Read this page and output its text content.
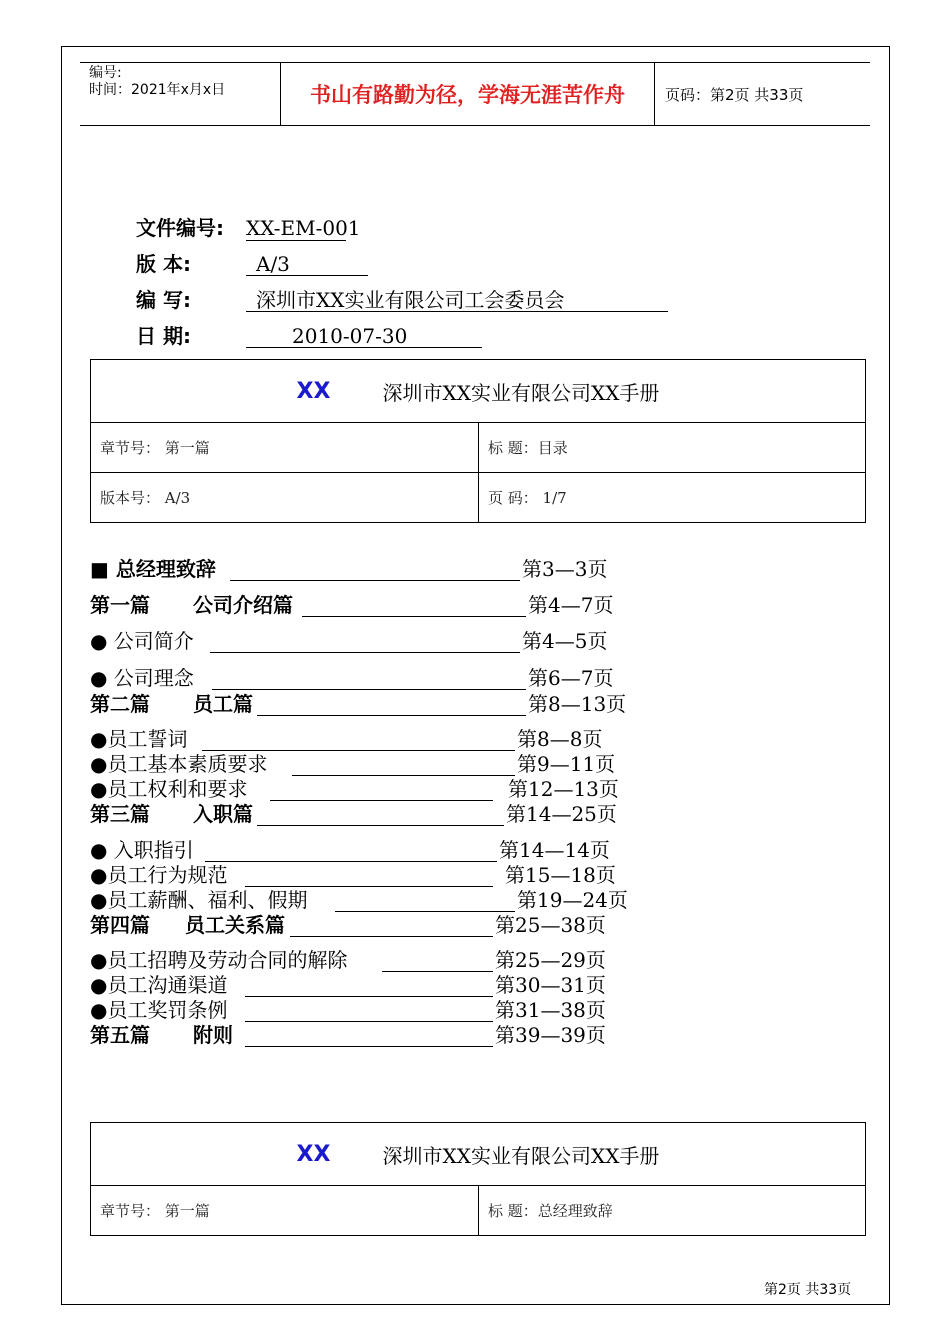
编号:
时间：2021年x月x日	书山有路勤为径，学海无涯苦作舟	页码：第2页 共33页
文件编号: XX-EM-001
版 本:	A/3
编 写:	深圳市XX实业有限公司工会委员会
日 期:	2010-07-30
XX	深圳市XX实业有限公司XX手册
章节号： 第一篇	标 题：目录
版本号： A/3	页 码： 1/7
■ 总经理致辞	第3—3页
第一篇 公司介绍篇	第4—7页
● 公司简介	第4—5页
● 公司理念	第6—7页
第二篇 员工篇	第8—13页
●员工誓词	第8—8页
●员工基本素质要求	第9—11页
●员工权利和要求	第12—13页
第三篇 入职篇	第14—25页
● 入职指引	第14—14页
●员工行为规范	第15—18页
●员工薪酬、福利、假期	第19—24页
第四篇 员工关系篇	第25—38页
●员工招聘及劳动合同的解除	第25—29页
●员工沟通渠道	第30—31页
●员工奖罚条例	第31—38页
第五篇 附则	第39—39页
XX	深圳市XX实业有限公司XX手册
章节号： 第一篇	标 题：总经理致辞
第2页 共33页
